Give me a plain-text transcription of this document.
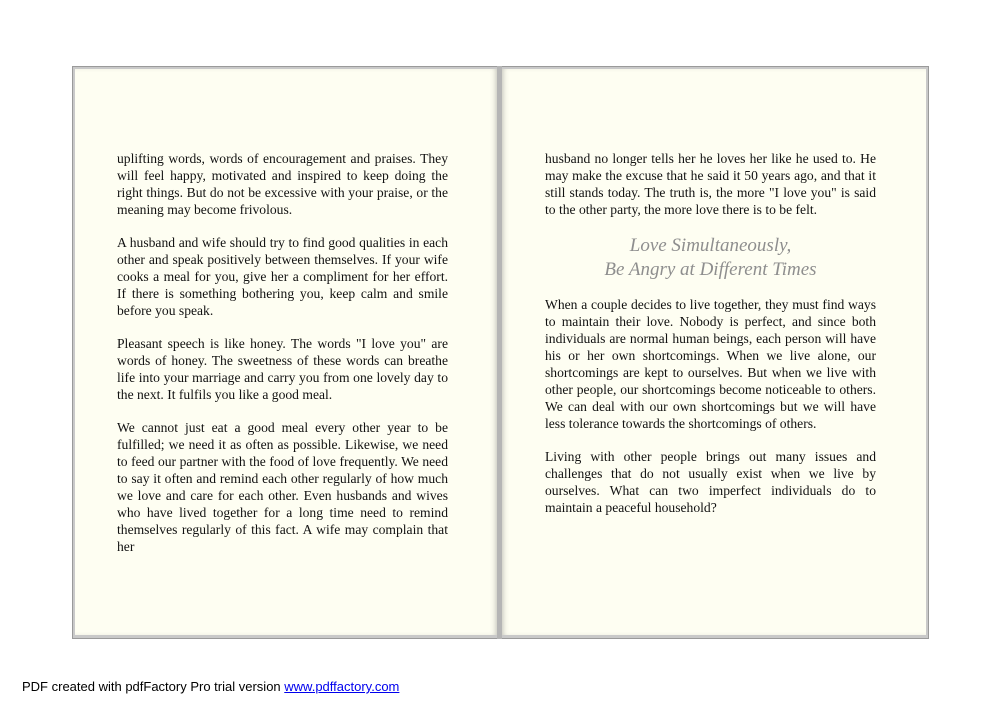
uplifting words, words of encouragement and praises. They will feel happy, motivated and inspired to keep doing the right things. But do not be excessive with your praise, or the meaning may become frivolous.

A husband and wife should try to find good qualities in each other and speak positively between themselves. If your wife cooks a meal for you, give her a compliment for her effort. If there is something bothering you, keep calm and smile before you speak.

Pleasant speech is like honey. The words "I love you" are words of honey. The sweetness of these words can breathe life into your marriage and carry you from one lovely day to the next. It fulfils you like a good meal.

We cannot just eat a good meal every other year to be fulfilled; we need it as often as possible. Likewise, we need to feed our partner with the food of love frequently. We need to say it often and remind each other regularly of how much we love and care for each other. Even husbands and wives who have lived together for a long time need to remind themselves regularly of this fact. A wife may complain that her

husband no longer tells her he loves her like he used to. He may make the excuse that he said it 50 years ago, and that it still stands today. The truth is, the more "I love you" is said to the other party, the more love there is to be felt.

Love Simultaneously,
Be Angry at Different Times

When a couple decides to live together, they must find ways to maintain their love. Nobody is perfect, and since both individuals are normal human beings, each person will have his or her own shortcomings. When we live alone, our shortcomings are kept to ourselves. But when we live with other people, our shortcomings become noticeable to others. We can deal with our own shortcomings but we will have less tolerance towards the shortcomings of others.

Living with other people brings out many issues and challenges that do not usually exist when we live by ourselves. What can two imperfect individuals do to maintain a peaceful household?

PDF created with pdfFactory Pro trial version www.pdffactory.com
